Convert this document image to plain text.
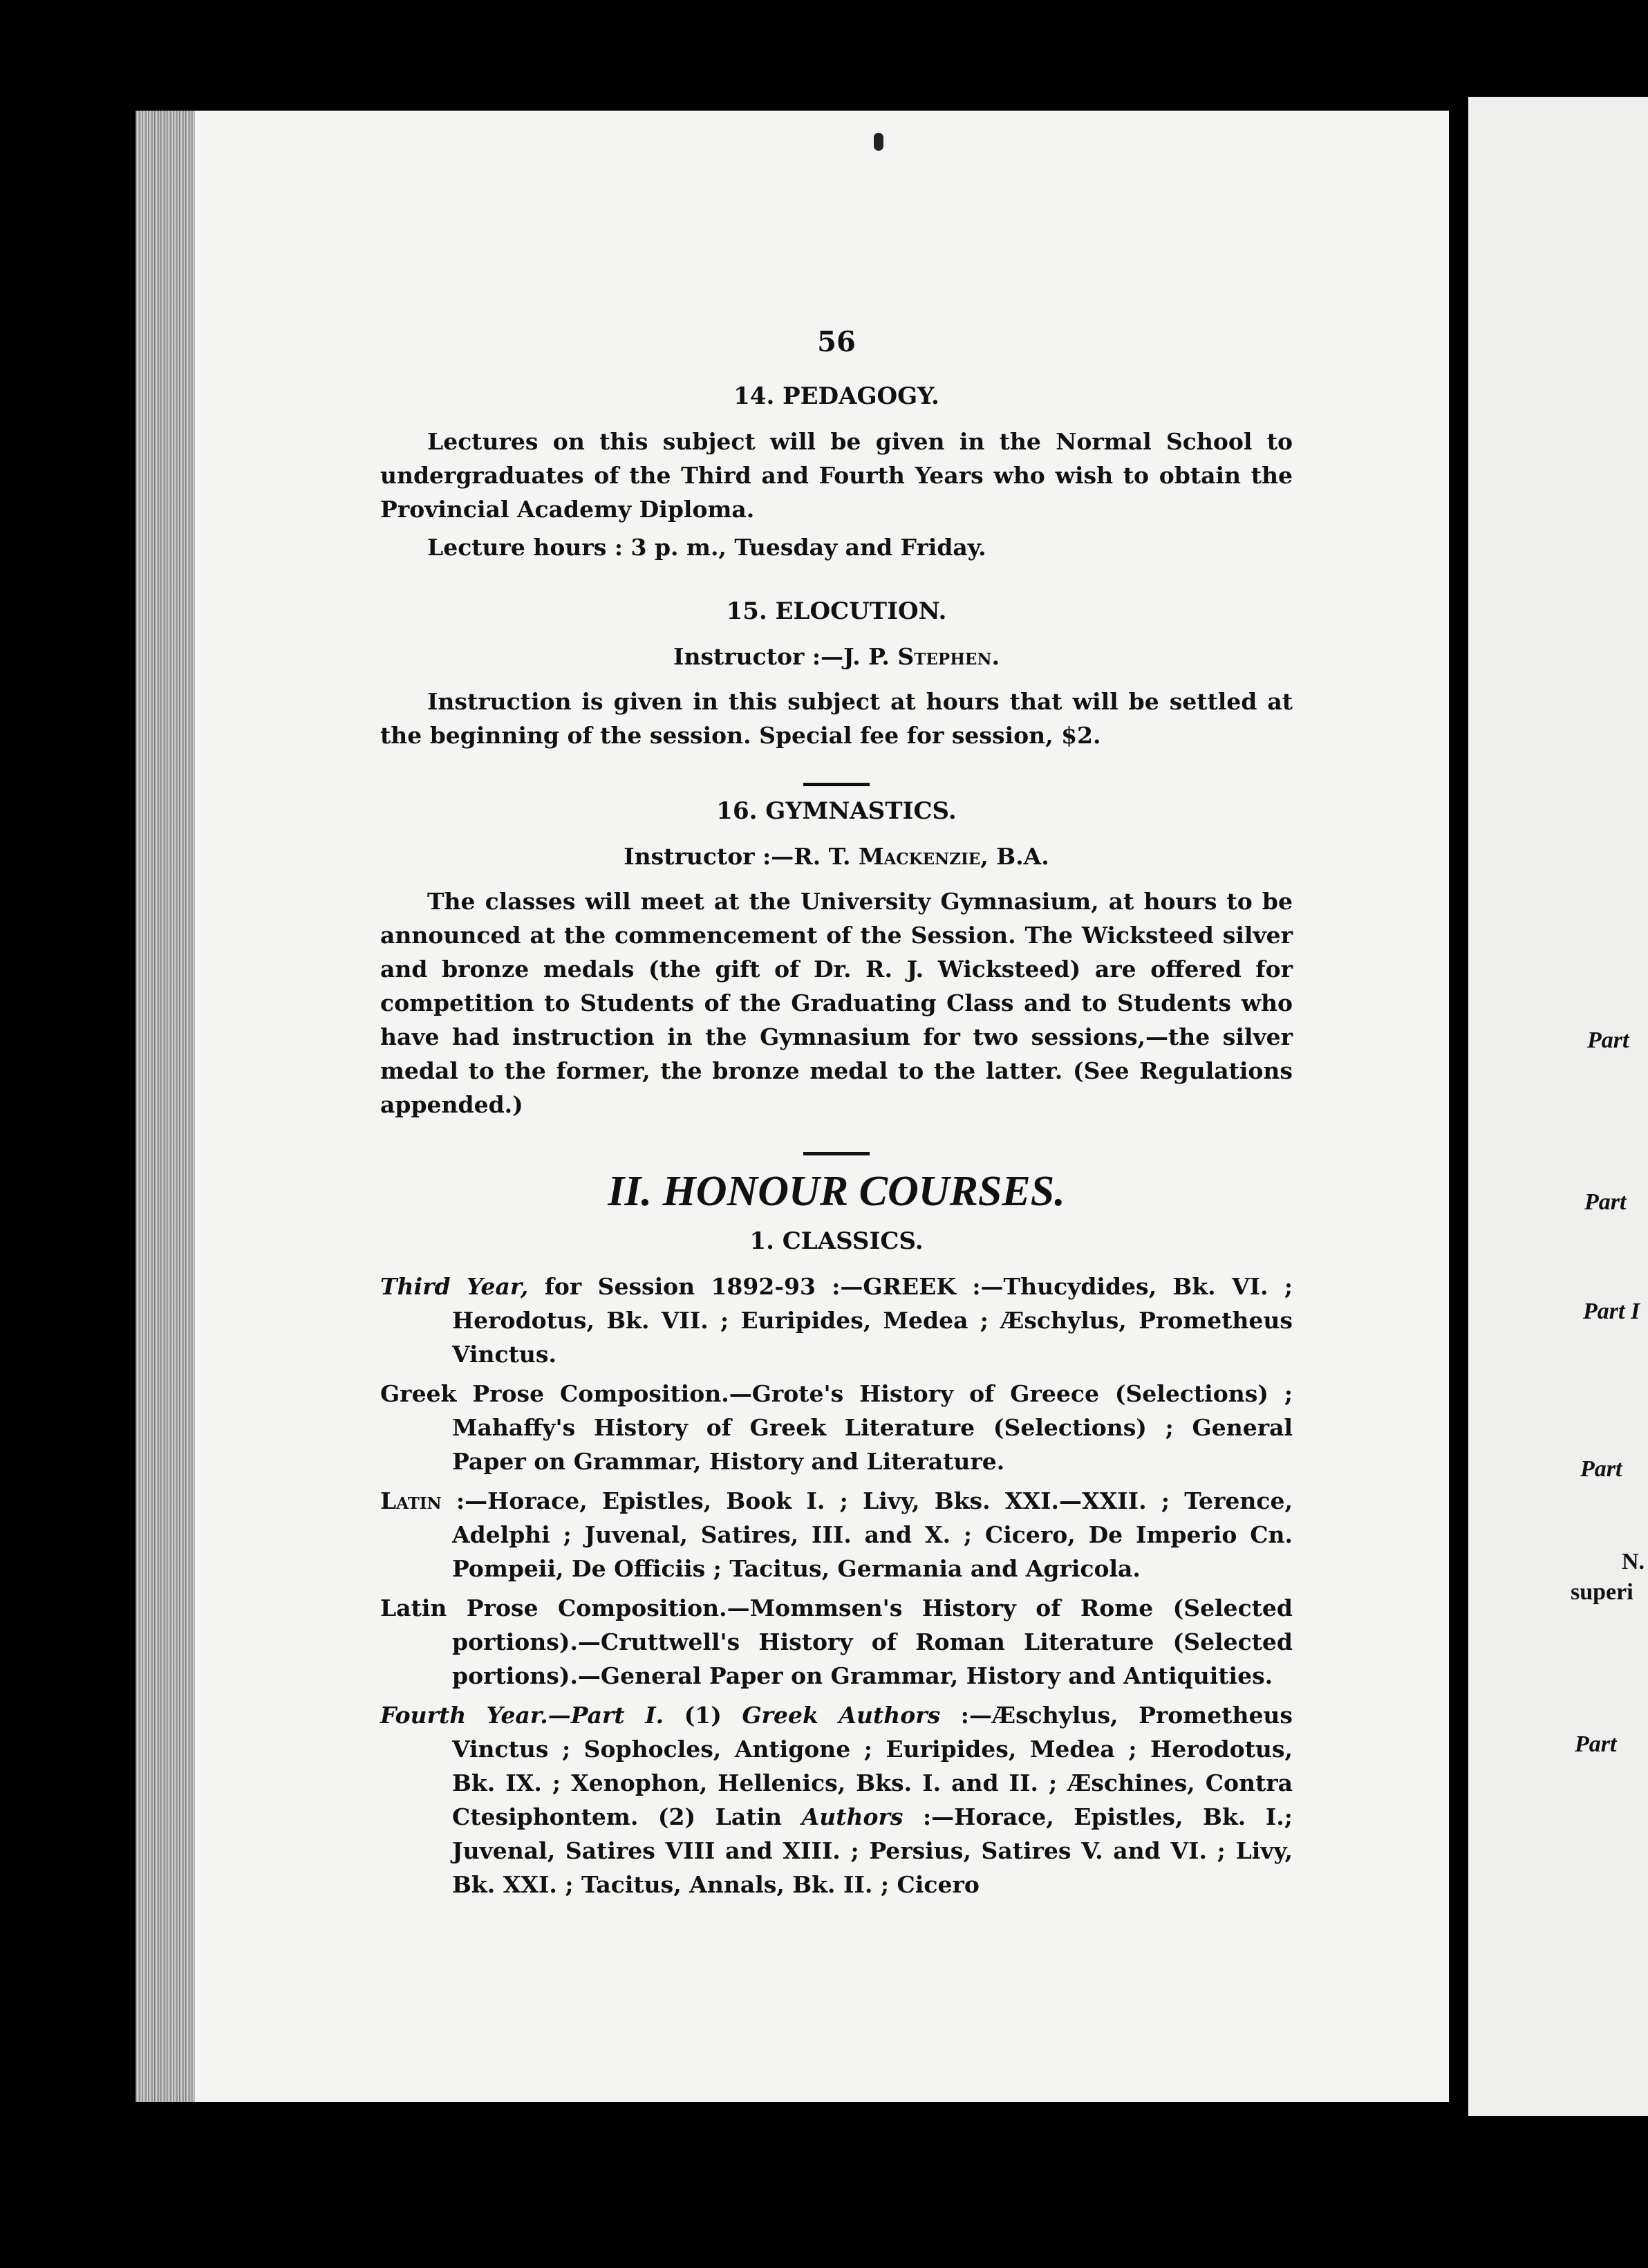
Part
Part
Part I
Part
N.
superi
Part
56
14. PEDAGOGY.

Lectures on this subject will be given in the Normal School to undergraduates of the Third and Fourth Years who wish to obtain the Provincial Academy Diploma.

Lecture hours : 3 p. m., Tuesday and Friday.

15. ELOCUTION.
Instructor :—J. P. Stephen.

Instruction is given in this subject at hours that will be settled at the beginning of the session. Special fee for session, $2.

16. GYMNASTICS.
Instructor :—R. T. Mackenzie, B.A.

The classes will meet at the University Gymnasium, at hours to be announced at the commencement of the Session. The Wicksteed silver and bronze medals (the gift of Dr. R. J. Wicksteed) are offered for competition to Students of the Graduating Class and to Students who have had instruction in the Gymnasium for two sessions,—the silver medal to the former, the bronze medal to the latter. (See Regulations appended.)

II. HONOUR COURSES.
1. CLASSICS.
Third Year, for Session 1892-93 :—GREEK :—Thucydides, Bk. VI. ; Herodotus, Bk. VII. ; Euripides, Medea ; Æschylus, Prometheus Vinctus.
Greek Prose Composition.—Grote's History of Greece (Selections) ; Mahaffy's History of Greek Literature (Selections) ; General Paper on Grammar, History and Literature.
Latin :—Horace, Epistles, Book I. ; Livy, Bks. XXI.—XXII. ; Terence, Adelphi ; Juvenal, Satires, III. and X. ; Cicero, De Imperio Cn. Pompeii, De Officiis ; Tacitus, Germania and Agricola.
Latin Prose Composition.—Mommsen's History of Rome (Selected portions).—Cruttwell's History of Roman Literature (Selected portions).—General Paper on Grammar, History and Antiquities.
Fourth Year.—Part I. (1) Greek Authors :—Æschylus, Prometheus Vinctus ; Sophocles, Antigone ; Euripides, Medea ; Herodotus, Bk. IX. ; Xenophon, Hellenics, Bks. I. and II. ; Æschines, Contra Ctesiphontem. (2) Latin Authors :—Horace, Epistles, Bk. I.; Juvenal, Satires VIII and XIII. ; Persius, Satires V. and VI. ; Livy, Bk. XXI. ; Tacitus, Annals, Bk. II. ; Cicero
